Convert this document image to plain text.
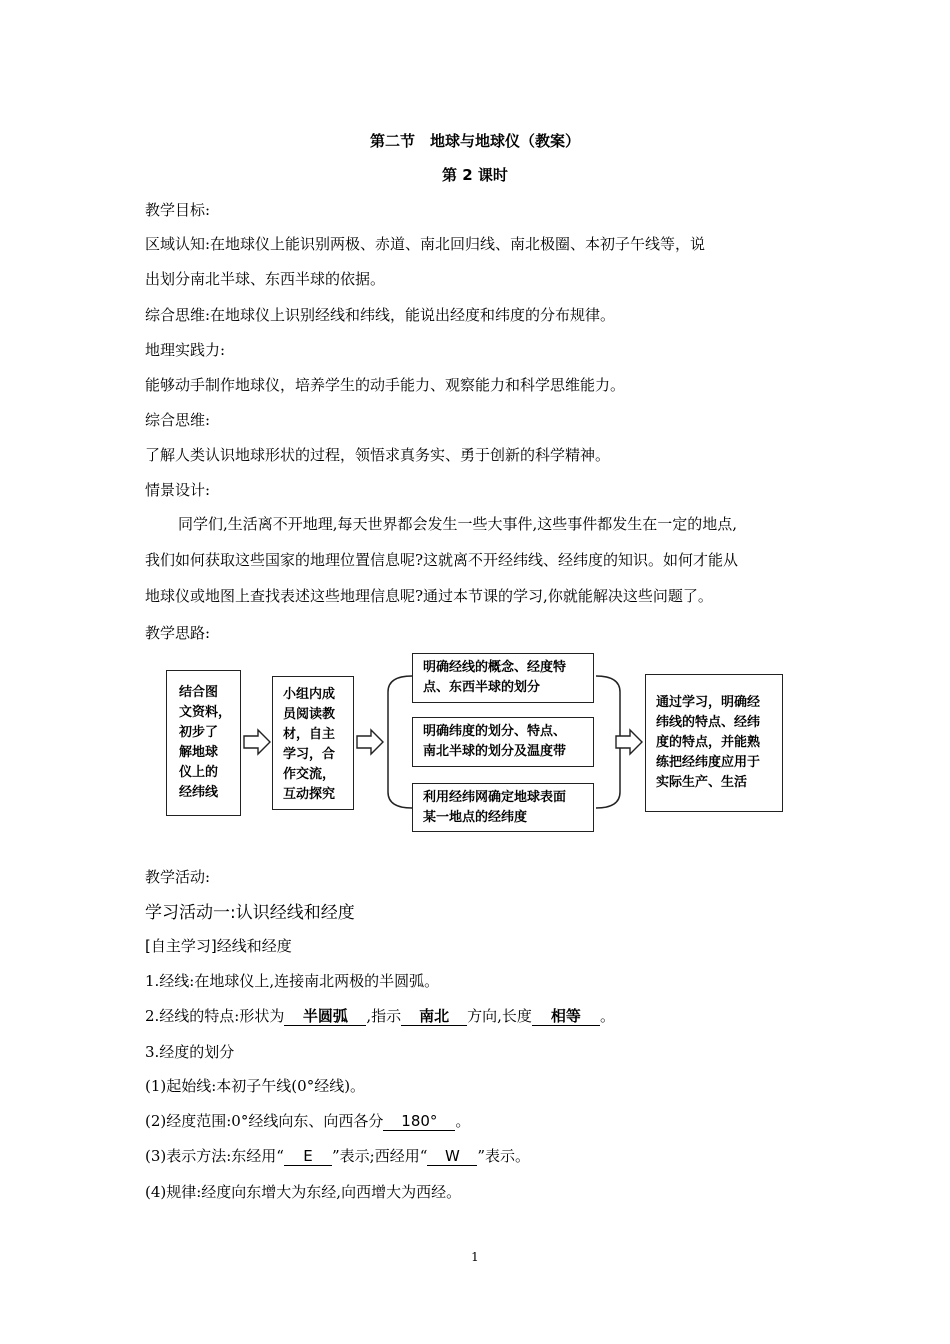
第二节　地球与地球仪（教案）
第 2 课时
教学目标:
区域认知:在地球仪上能识别两极、赤道、南北回归线、南北极圈、本初子午线等，说
出划分南北半球、东西半球的依据。
综合思维:在地球仪上识别经线和纬线，能说出经度和纬度的分布规律。
地理实践力:
能够动手制作地球仪，培养学生的动手能力、观察能力和科学思维能力。
综合思维:
了解人类认识地球形状的过程，领悟求真务实、勇于创新的科学精神。
情景设计:
同学们,生活离不开地理,每天世界都会发生一些大事件,这些事件都发生在一定的地点,
我们如何获取这些国家的地理位置信息呢?这就离不开经纬线、经纬度的知识。如何才能从
地球仪或地图上查找表述这些地理信息呢?通过本节课的学习,你就能解决这些问题了。
教学思路:
结合图
文资料，
初步了
解地球
仪上的
经纬线
小组内成
员阅读教
材，自主
学习，合
作交流，
互动探究
明确经线的概念、经度特
点、东西半球的划分
明确纬度的划分、特点、
南北半球的划分及温度带
利用经纬网确定地球表面
某一地点的经纬度
通过学习，明确经
纬线的特点、经纬
度的特点，并能熟
练把经纬度应用于
实际生产、生活
教学活动:
学习活动一:认识经线和经度
[自主学习]经线和经度
1.经线:在地球仪上,连接南北两极的半圆弧。
2.经线的特点:形状为 半圆弧 ,指示 南北 方向,长度 相等 。
3.经度的划分
(1)起始线:本初子午线(0°经线)。
(2)经度范围:0°经线向东、向西各分 180° 。
(3)表示方法:东经用“ E ”表示;西经用“ W ”表示。
(4)规律:经度向东增大为东经,向西增大为西经。
1
